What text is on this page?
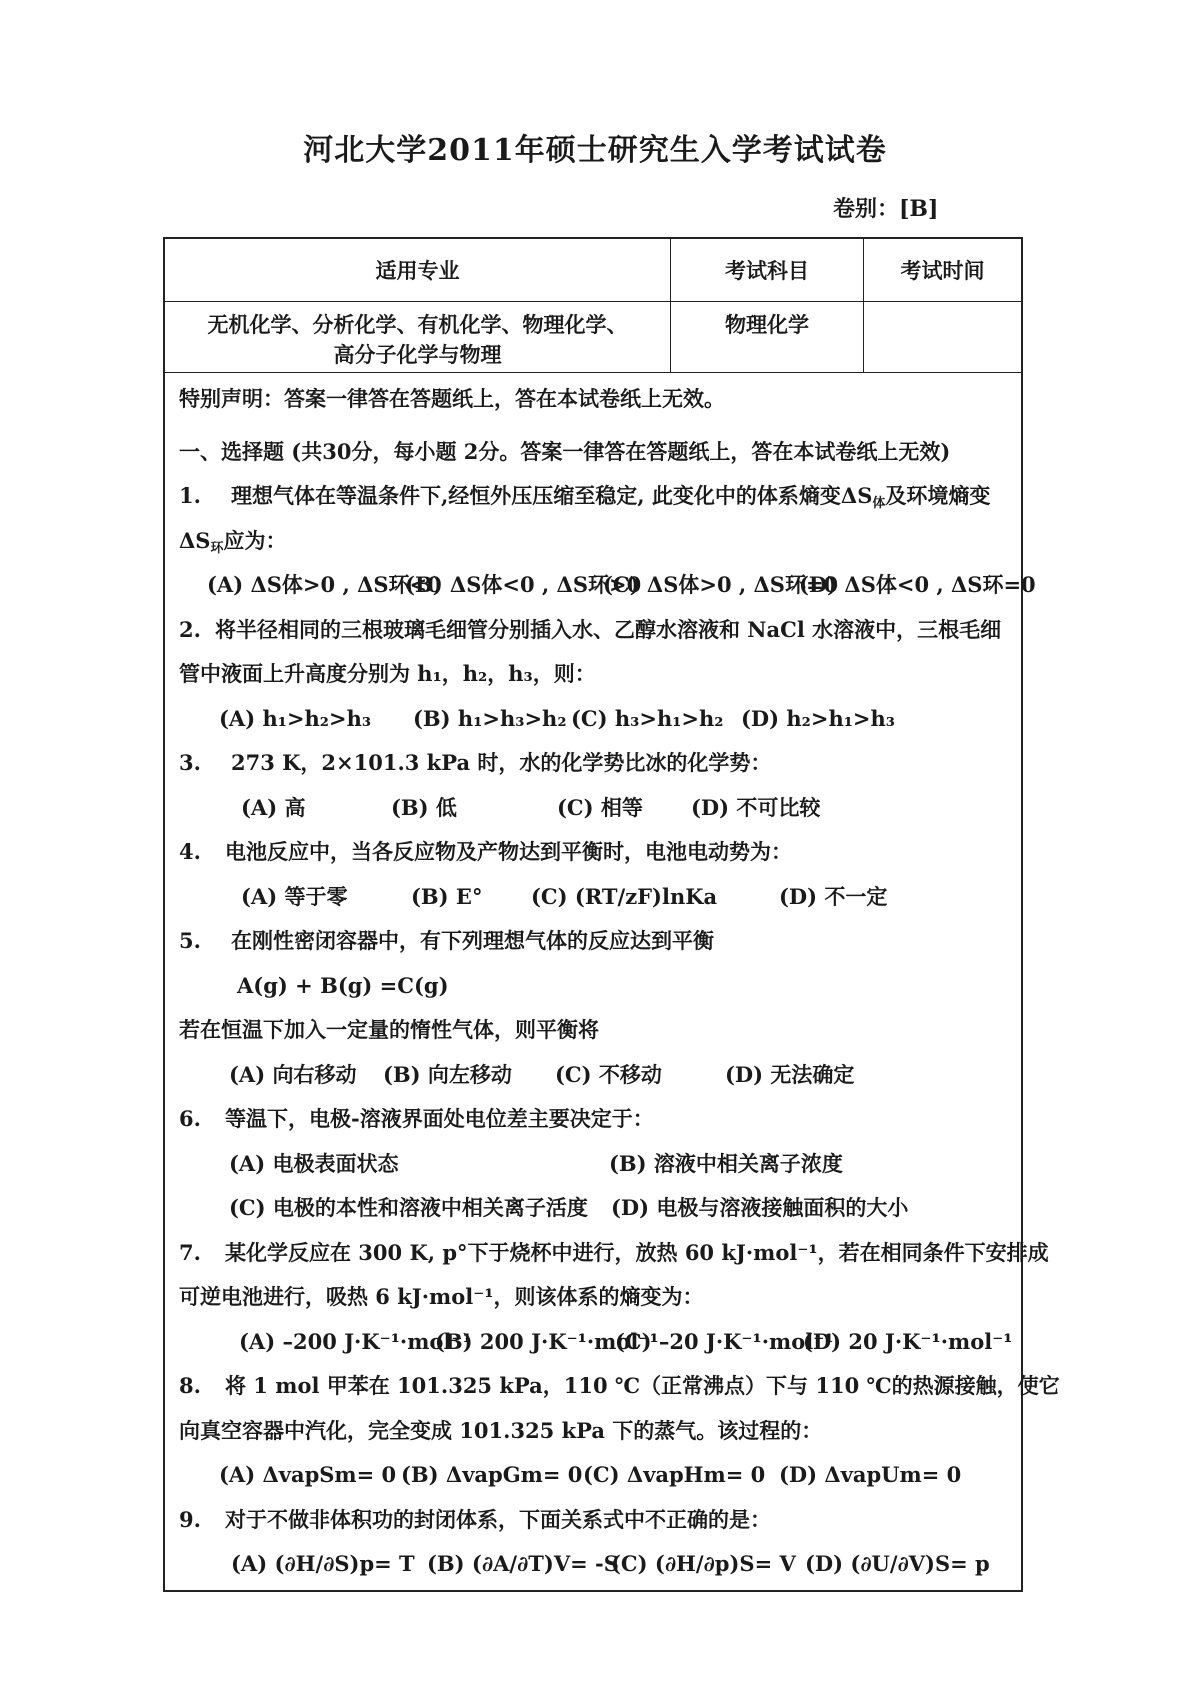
河北大学2011年硕士研究生入学考试试卷
卷别：[B]
适用专业	考试科目	考试时间

无机化学、分析化学、有机化学、物理化学、
高分子化学与物理	物理化学	
特别声明：答案一律答在答题纸上，答在本试卷纸上无效。
一、选择题 (共30分，每小题 2分。答案一律答在答题纸上，答在本试卷纸上无效)
1. 理想气体在等温条件下,经恒外压压缩至稳定, 此变化中的体系熵变$\Delta S_体$及环境熵变
$\Delta S_环$应为：
(A) ΔS体>0 , ΔS环<0
(B) ΔS体<0 , ΔS环>0
(C) ΔS体>0 , ΔS环=0
(D) ΔS体<0 , ΔS环=0
2. 将半径相同的三根玻璃毛细管分别插入水、乙醇水溶液和 NaCl 水溶液中，三根毛细
管中液面上升高度分别为 h₁，h₂，h₃，则：
(A) h₁>h₂>h₃ (B) h₁>h₃>h₂ (C) h₃>h₁>h₂ (D) h₂>h₁>h₃
3. 273 K，2×101.3 kPa 时，水的化学势比冰的化学势：
(A) 高	(B) 低	(C) 相等 (D) 不可比较
4. 电池反应中，当各反应物及产物达到平衡时，电池电动势为：
(A) 等于零	(B) E° (C) (RT/zF)lnKa	(D) 不一定
5. 在刚性密闭容器中，有下列理想气体的反应达到平衡
A(g) + B(g) =C(g)
若在恒温下加入一定量的惰性气体，则平衡将
(A) 向右移动 (B) 向左移动 (C) 不移动	(D) 无法确定
6. 等温下，电极-溶液界面处电位差主要决定于：
(A) 电极表面状态	(B) 溶液中相关离子浓度
(C) 电极的本性和溶液中相关离子活度 (D) 电极与溶液接触面积的大小
7. 某化学反应在 300 K, p°下于烧杯中进行，放热 60 kJ·mol⁻¹，若在相同条件下安排成
可逆电池进行，吸热 6 kJ·mol⁻¹，则该体系的熵变为：
(A) –200 J·K⁻¹·mol⁻¹
(B) 200 J·K⁻¹·mol⁻¹
(C) –20 J·K⁻¹·mol⁻¹
(D) 20 J·K⁻¹·mol⁻¹
8. 将 1 mol 甲苯在 101.325 kPa，110 ℃（正常沸点）下与 110 ℃的热源接触，使它
向真空容器中汽化，完全变成 101.325 kPa 下的蒸气。该过程的：
(A) ΔvapSm= 0 (B) ΔvapGm= 0 (C) ΔvapHm= 0 (D) ΔvapUm= 0
9. 对于不做非体积功的封闭体系，下面关系式中不正确的是：
(A) (∂H/∂S)p= T (B) (∂A/∂T)V= -S
(C) (∂H/∂p)S= V (D) (∂U/∂V)S= p
